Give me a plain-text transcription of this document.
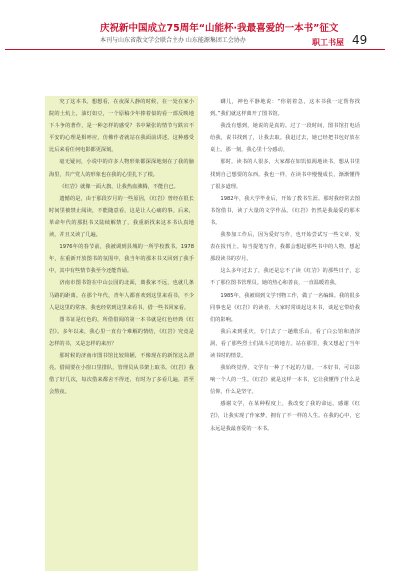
庆祝新中国成立75周年“山能杯·我最喜爱的一本书”征文
本刊与山东省散文学会联合主办 山东能源集团工会协办	职工书屋 49

究了这本书。想想看，在夜深人静的时候，在一处在家小院的土炕上，油灯如豆，一个原稿少年捧着似的看一部反映地下斗争的著作，是一种怎样的感受？书中紧张的情节与跌宕不平安的心理是相呼应，仿佛作者就站在我面前讲述。这种感受比后来看任何电影都更深刻。

毫无疑问，小说中的许多人物形象都深深地刻在了我的脑海里，共产党人的形象也在我的心里扎下了根。

《红岩》就像一面大旗，让我热血沸腾，不能自已。

遗憾的是，由于那段岁月的一些原因，《红岩》曾经在很长时间里被禁止阅读，不能随意看，这是让人心痛的事。后来，革命年代的那批书又陆续解禁了，我重新找来这本书认真地读，并且又读了几遍。

1976年的春节前，我被调到县城的一所学校教书。1978年，在重新开放图书的氛围中，我当年的那本书又回到了我手中，其中有些情节我至今还能背诵。

济南市图书馆在中山公园的北面，离我家不远，也就几条马路的距离。在那个年代，青年人都喜欢到这里来看书，不少人是这里的常客。我也经常到这里来看书，借一些书回家看。

图书证是红色的，所借借阅的第一本书就是红色经典《红岩》。多年以来，我心里一直有个难解的情结，《红岩》究竟是怎样的书，又是怎样的来历？

那时候的济南市图书馆比较简陋，不像现在的新馆这么漂亮。借阅要在小窗口里排队，管理员从书架上取书。《红岩》我借了好几次，每次借来都舍不得还，有时为了多看几遍，甚至会熬夜。

礴儿，神色平静地说：“你别着急，这本书我一定帮你找到。”我们就这样离开了图书馆。

我没有想到，她说的是真的。过了一段时间，图书馆打电话给我，说书找到了，让我去取。我赶过去，她已经把书包好放在桌上。那一刻，我心里十分感动。

那时，读书的人很多，大家都在如饥似渴地读书，想从书里找到自己想要的东西。我也一样，在读书中慢慢成长，渐渐懂得了很多道理。

1982年，我大学毕业后，开始了教书生涯。那时我经常去图书馆借书，读了大量的文学作品。《红岩》仍然是我最爱的那本书。

我参加工作后，因为爱好写作，也开始尝试写一些文章，发表在报刊上。每当提笔写作，我都会想起那些书中的人物，想起那段读书的岁月。

这么多年过去了，我还是忘不了读《红岩》的那些日子，忘不了那位图书管理员。她的热心和善良，一直温暖着我。

1985年，我被调到文学刊物工作，做了一名编辑。我的很多同事也是《红岩》的读者，大家时常谈起这本书，谈起它带给我们的影响。

我后来到重庆，专门去了一趟歌乐山，看了白公馆和渣滓洞，看了那些烈士们战斗过的地方。站在那里，我又想起了当年读书时的情景。

我始终觉得，文学有一种了不起的力量。一本好书，可以影响一个人的一生。《红岩》就是这样一本书，它让我懂得了什么是信仰，什么是坚守。

感谢文学，在某种程度上，我改变了我的命运。感谢《红岩》，让我实现了作家梦，拥有了不一样的人生。在我的心中，它永远是我最喜爱的一本书。
